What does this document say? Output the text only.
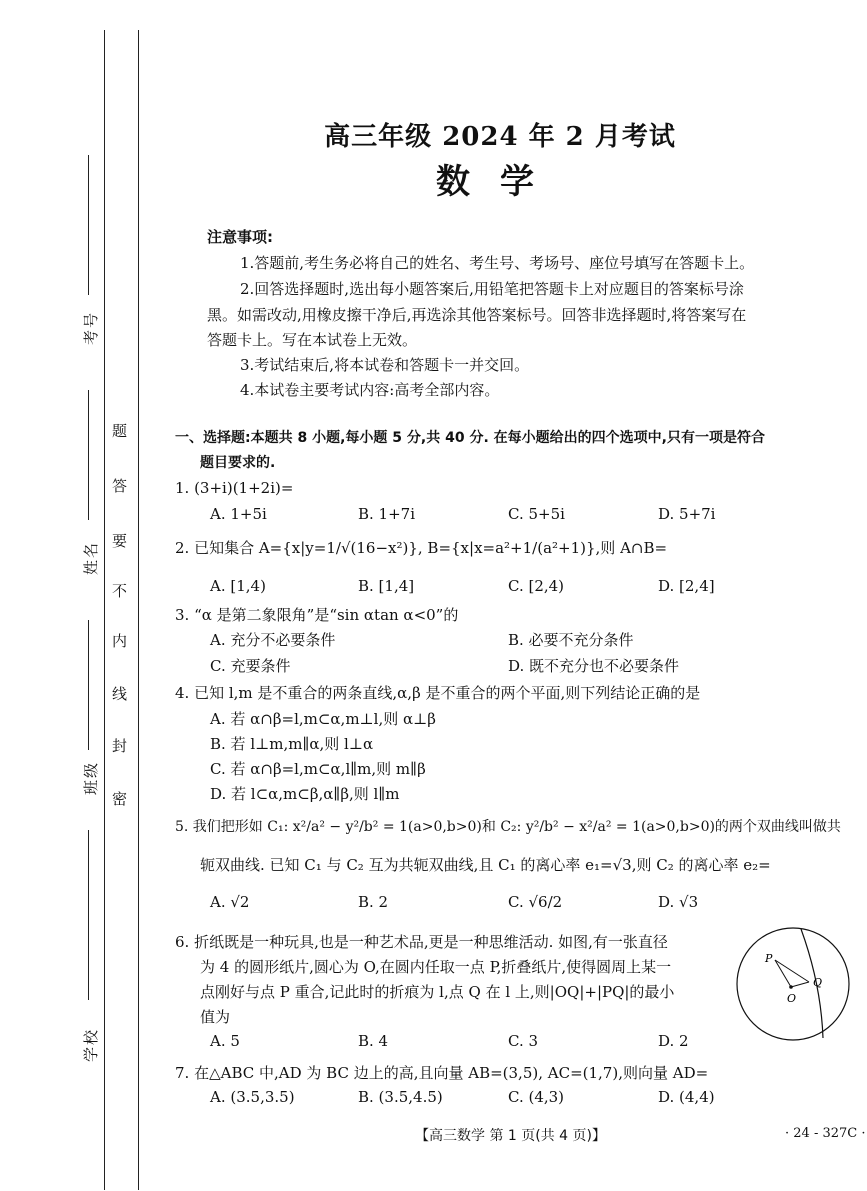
考号
姓名
班级
学校
题
答
要
不
内
线
封
密
高三年级 2024 年 2 月考试
数学
注意事项:
1.答题前,考生务必将自己的姓名、考生号、考场号、座位号填写在答题卡上。
2.回答选择题时,选出每小题答案后,用铅笔把答题卡上对应题目的答案标号涂
黑。如需改动,用橡皮擦干净后,再选涂其他答案标号。回答非选择题时,将答案写在
答题卡上。写在本试卷上无效。
3.考试结束后,将本试卷和答题卡一并交回。
4.本试卷主要考试内容:高考全部内容。
一、选择题:本题共 8 小题,每小题 5 分,共 40 分. 在每小题给出的四个选项中,只有一项是符合
题目要求的.
1. (3+i)(1+2i)=
A. 1+5i	B. 1+7i	C. 5+5i	D. 5+7i
2. 已知集合 A={x|y=1/√(16−x²)}, B={x|x=a²+1/(a²+1)},则 A∩B=
A. [1,4)	B. [1,4]	C. [2,4)	D. [2,4]
3. “α 是第二象限角”是“sin αtan α<0”的
A. 充分不必要条件	B. 必要不充分条件
C. 充要条件	D. 既不充分也不必要条件
4. 已知 l,m 是不重合的两条直线,α,β 是不重合的两个平面,则下列结论正确的是
A. 若 α∩β=l,m⊂α,m⊥l,则 α⊥β
B. 若 l⊥m,m∥α,则 l⊥α
C. 若 α∩β=l,m⊂α,l∥m,则 m∥β
D. 若 l⊂α,m⊂β,α∥β,则 l∥m
5. 我们把形如 C₁: x²/a² − y²/b² = 1(a>0,b>0)和 C₂: y²/b² − x²/a² = 1(a>0,b>0)的两个双曲线叫做共
轭双曲线. 已知 C₁ 与 C₂ 互为共轭双曲线,且 C₁ 的离心率 e₁=√3,则 C₂ 的离心率 e₂=
A. √2	B. 2	C. √6/2	D. √3
6. 折纸既是一种玩具,也是一种艺术品,更是一种思维活动. 如图,有一张直径
为 4 的圆形纸片,圆心为 O,在圆内任取一点 P,折叠纸片,使得圆周上某一
点刚好与点 P 重合,记此时的折痕为 l,点 Q 在 l 上,则|OQ|+|PQ|的最小
值为
A. 5	B. 4	C. 3	D. 2
P
Q
O
7. 在△ABC 中,AD 为 BC 边上的高,且向量 AB=(3,5), AC=(1,7),则向量 AD=
A. (3.5,3.5)	B. (3.5,4.5)	C. (4,3)	D. (4,4)
【高三数学 第 1 页(共 4 页)】	· 24 - 327C ·
